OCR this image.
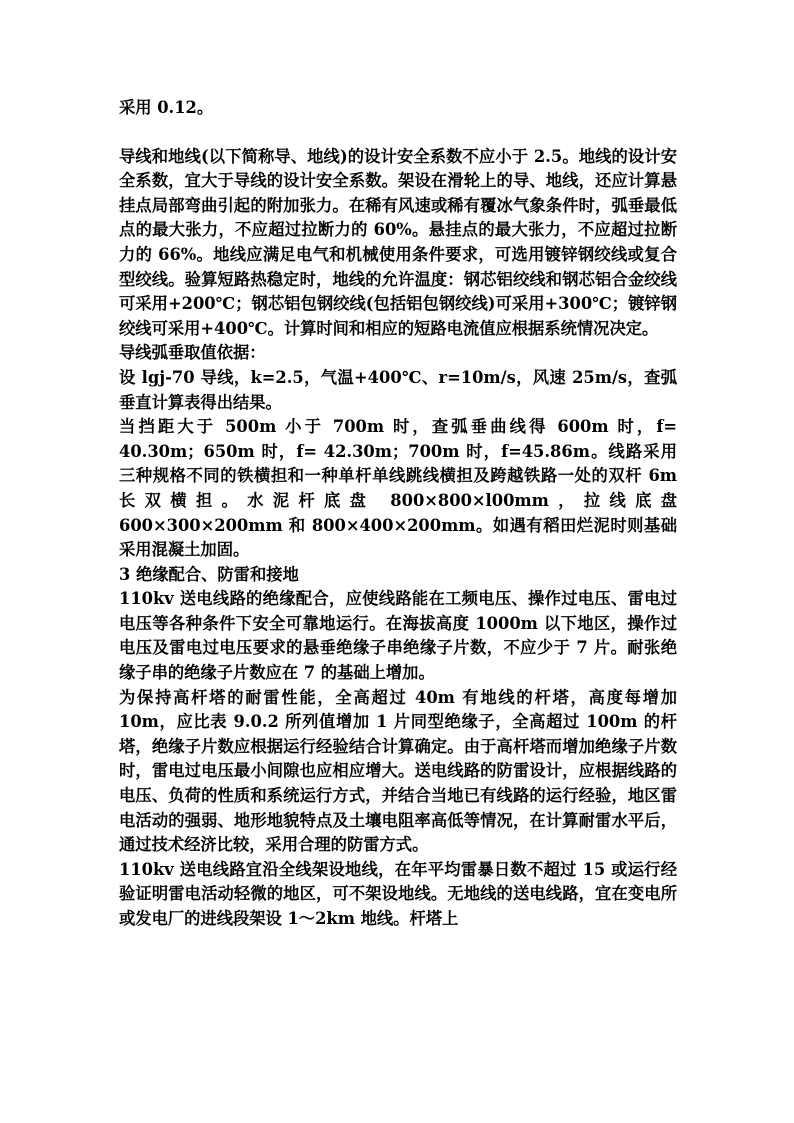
采用 0.12。

导线和地线(以下简称导、地线)的设计安全系数不应小于 2.5。地线的设计安全系数，宜大于导线的设计安全系数。架设在滑轮上的导、地线，还应计算悬挂点局部弯曲引起的附加张力。在稀有风速或稀有覆冰气象条件时，弧垂最低点的最大张力，不应超过拉断力的 60%。悬挂点的最大张力，不应超过拉断力的 66%。地线应满足电气和机械使用条件要求，可选用镀锌钢绞线或复合型绞线。验算短路热稳定时，地线的允许温度：钢芯铝绞线和钢芯铝合金绞线可采用+200℃；钢芯铝包钢绞线(包括铝包钢绞线)可采用+300℃；镀锌钢绞线可采用+400℃。计算时间和相应的短路电流值应根据系统情况决定。

导线弧垂取值依据：

设 lgj-70 导线，k=2.5，气温+400℃、r=10m/s，风速 25m/s，查弧垂直计算表得出结果。

当挡距大于 500m 小于 700m 时，查弧垂曲线得 600m 时，f= 40.30m；650m 时，f= 42.30m；700m 时，f=45.86m。线路采用三种规格不同的铁横担和一种单杆单线跳线横担及跨越铁路一处的双杆 6m 长双横担。水泥杆底盘 800×800×l00mm，拉线底盘 600×300×200mm 和 800×400×200mm。如遇有稻田烂泥时则基础采用混凝土加固。

3 绝缘配合、防雷和接地

110kv 送电线路的绝缘配合，应使线路能在工频电压、操作过电压、雷电过电压等各种条件下安全可靠地运行。在海拔高度 1000m 以下地区，操作过电压及雷电过电压要求的悬垂绝缘子串绝缘子片数，不应少于 7 片。耐张绝缘子串的绝缘子片数应在 7 的基础上增加。

为保持高杆塔的耐雷性能，全高超过 40m 有地线的杆塔，高度每增加 10m，应比表 9.0.2 所列值增加 1 片同型绝缘子，全高超过 100m 的杆塔，绝缘子片数应根据运行经验结合计算确定。由于高杆塔而增加绝缘子片数时，雷电过电压最小间隙也应相应增大。送电线路的防雷设计，应根据线路的电压、负荷的性质和系统运行方式，并结合当地已有线路的运行经验，地区雷电活动的强弱、地形地貌特点及土壤电阻率高低等情况，在计算耐雷水平后，通过技术经济比较，采用合理的防雷方式。

110kv 送电线路宜沿全线架设地线，在年平均雷暴日数不超过 15 或运行经验证明雷电活动轻微的地区，可不架设地线。无地线的送电线路，宜在变电所或发电厂的进线段架设 1～2km 地线。杆塔上
